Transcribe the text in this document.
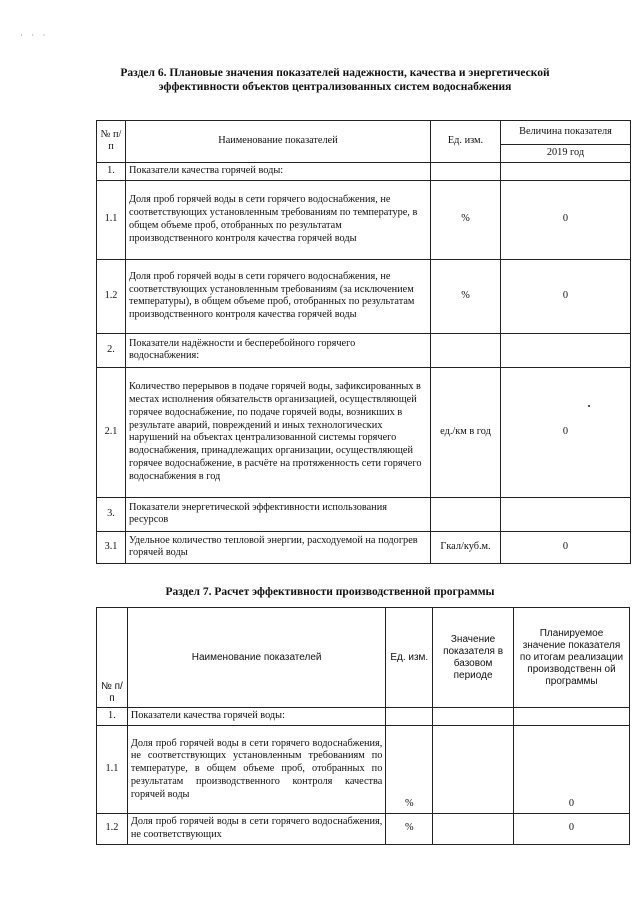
· · ·
Раздел 6. Плановые значения показателей надежности, качества и энергетической
эффективности объектов централизованных систем водоснабжения
№ п/п	Наименование показателей	Ед. изм.	Величина показателя
			2019 год
1.	Показатели качества горячей воды:		
1.1	Доля проб горячей воды в сети горячего водоснабжения, не соответствующих установленным требованиям по температуре, в общем объеме проб, отобранных по результатам производственного контроля качества горячей воды	%	0
1.2	Доля проб горячей воды в сети горячего водоснабжения, не соответствующих установленным требованиям (за исключением температуры), в общем объеме проб, отобранных по результатам производственного контроля качества горячей воды	%	0
2.	Показатели надёжности и бесперебойного горячего водоснабжения:		
2.1	Количество перерывов в подаче горячей воды, зафиксированных в местах исполнения обязательств организацией, осуществляющей горячее водоснабжение, по подаче горячей воды, возникших в результате аварий, повреждений и иных технологических нарушений на объектах централизованной системы горячего водоснабжения, принадлежащих организации, осуществляющей горячее водоснабжение, в расчёте на протяженность сети горячего водоснабжения в год	ед./км в год	0
3.	Показатели энергетической эффективности использования ресурсов		
3.1	Удельное количество тепловой энергии, расходуемой на подогрев горячей воды	Гкал/куб.м.	0
Раздел 7. Расчет эффективности производственной программы
№ п/п	Наименование показателей	Ед. изм.	Значение показателя в базовом периоде	Планируемое значение показателя по итогам реализации производственн ой программы
1.	Показатели качества горячей воды:			
1.1	Доля проб горячей воды в сети горячего водоснабжения, не соответствующих установленным требованиям по температуре, в общем объеме проб, отобранных по результатам производственного контроля качества горячей воды	%		0
1.2	Доля проб горячей воды в сети горячего водоснабжения, не соответствующих	%		0
